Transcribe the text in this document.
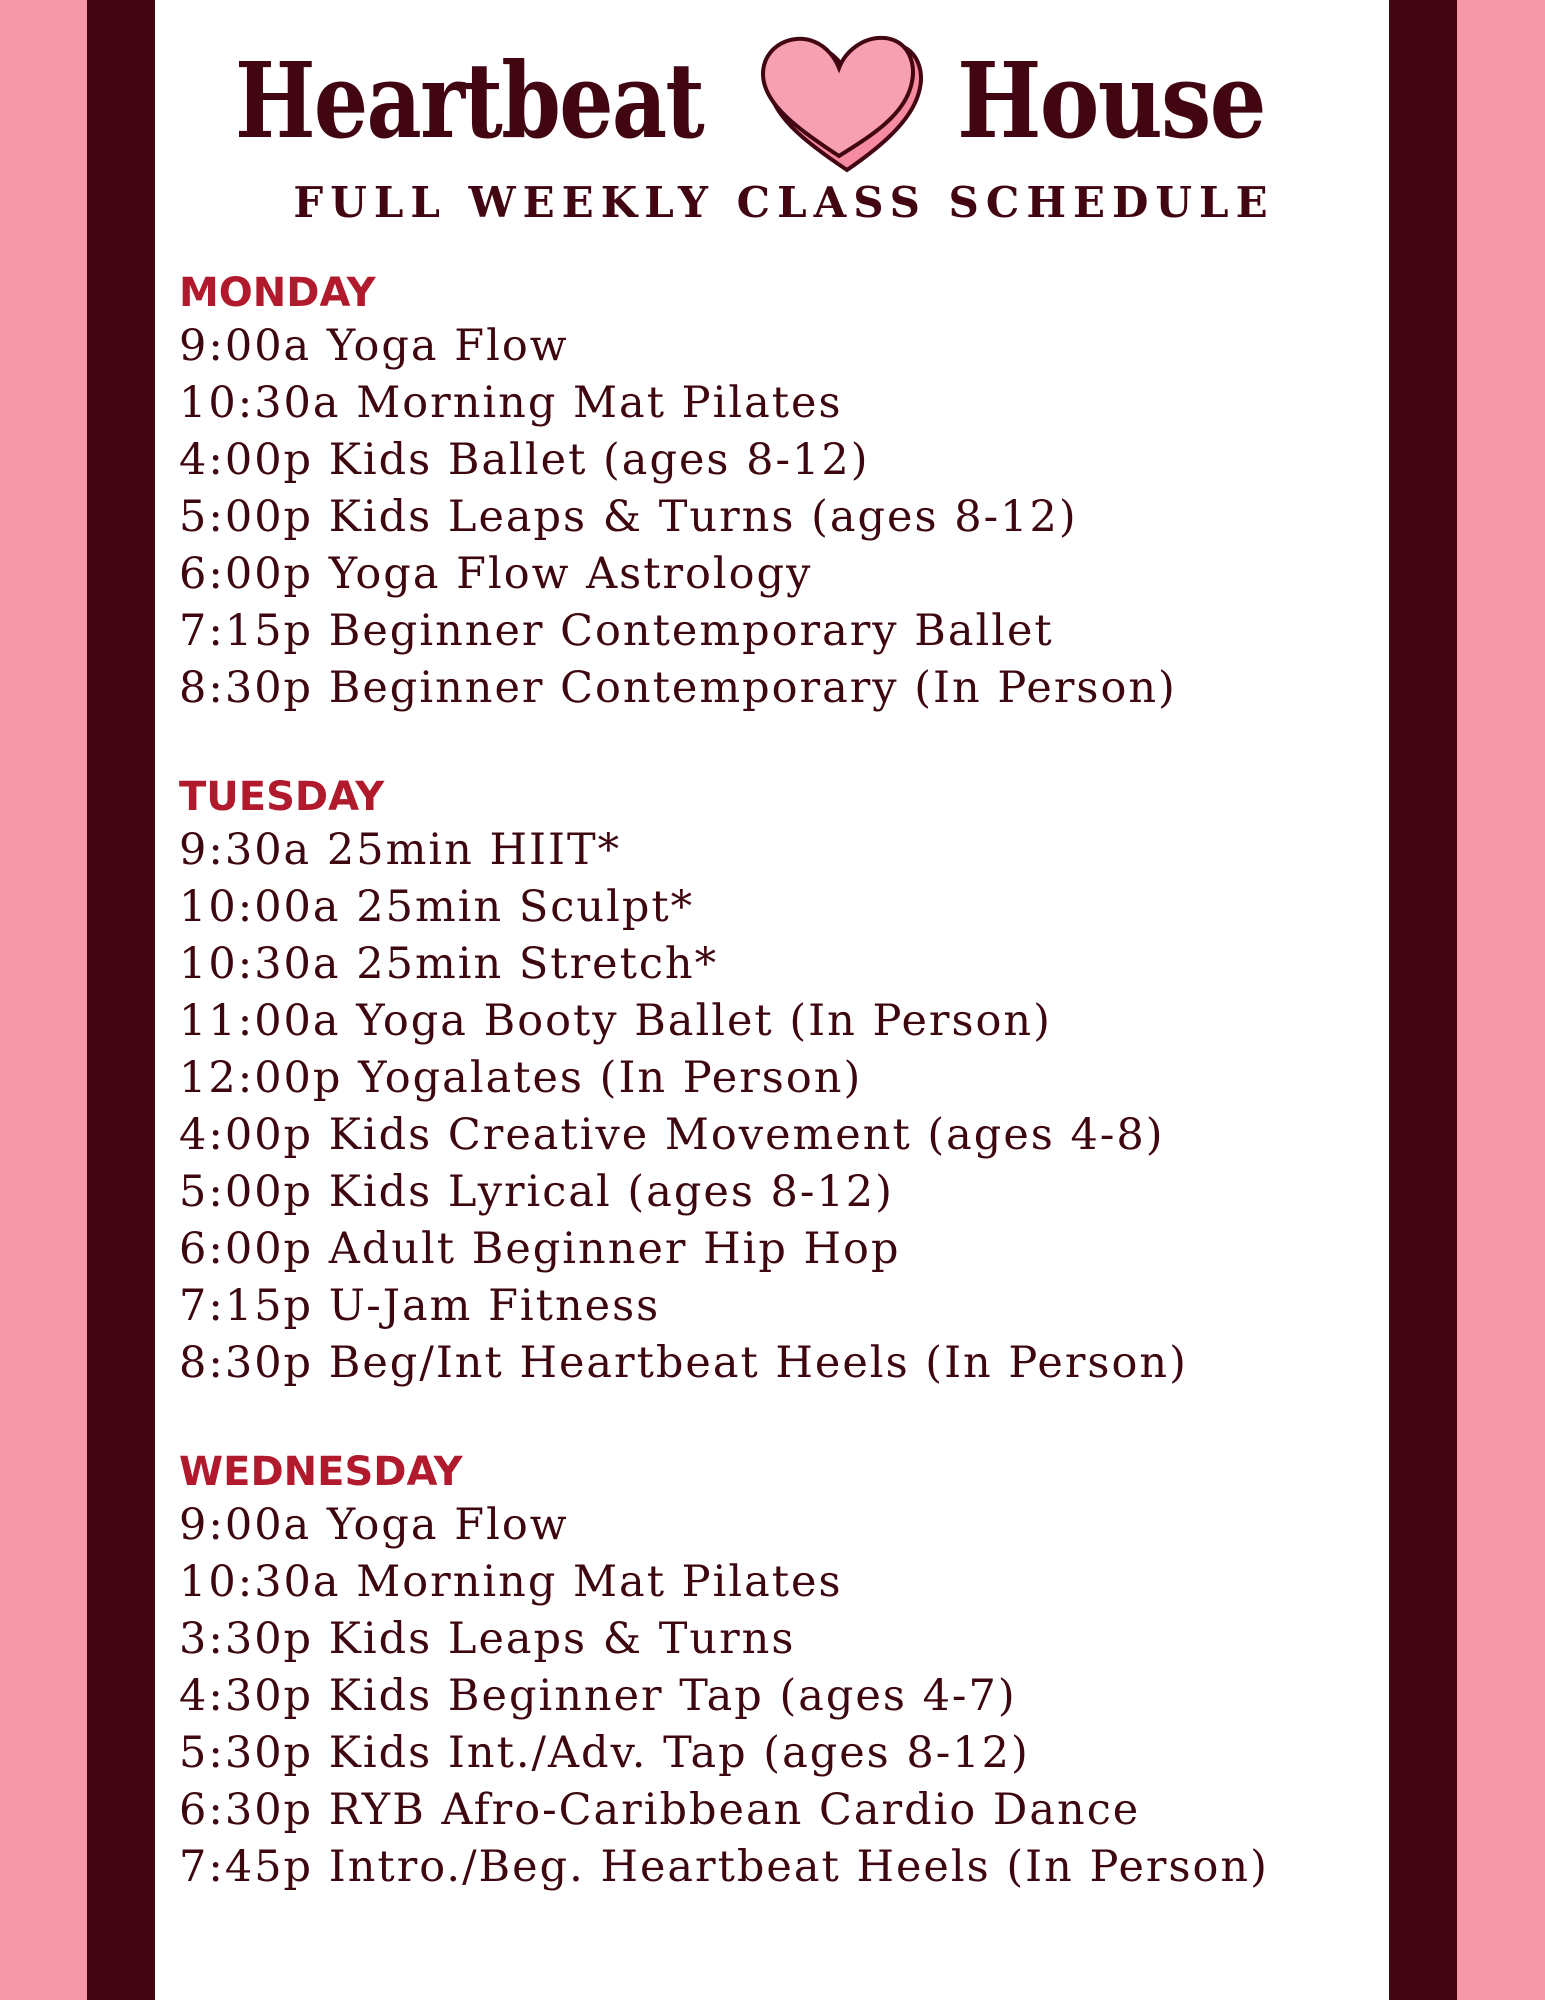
Heartbeat	House
FULL WEEKLY CLASS SCHEDULE
MONDAY
9:00a Yoga Flow
10:30a Morning Mat Pilates
4:00p Kids Ballet (ages 8-12)
5:00p Kids Leaps & Turns (ages 8-12)
6:00p Yoga Flow Astrology
7:15p Beginner Contemporary Ballet
8:30p Beginner Contemporary (In Person)
TUESDAY
9:30a 25min HIIT*
10:00a 25min Sculpt*
10:30a 25min Stretch*
11:00a Yoga Booty Ballet (In Person)
12:00p Yogalates (In Person)
4:00p Kids Creative Movement (ages 4-8)
5:00p Kids Lyrical (ages 8-12)
6:00p Adult Beginner Hip Hop
7:15p U-Jam Fitness
8:30p Beg/Int Heartbeat Heels (In Person)
WEDNESDAY
9:00a Yoga Flow
10:30a Morning Mat Pilates
3:30p Kids Leaps & Turns
4:30p Kids Beginner Tap (ages 4-7)
5:30p Kids Int./Adv. Tap (ages 8-12)
6:30p RYB Afro-Caribbean Cardio Dance
7:45p Intro./Beg. Heartbeat Heels (In Person)
